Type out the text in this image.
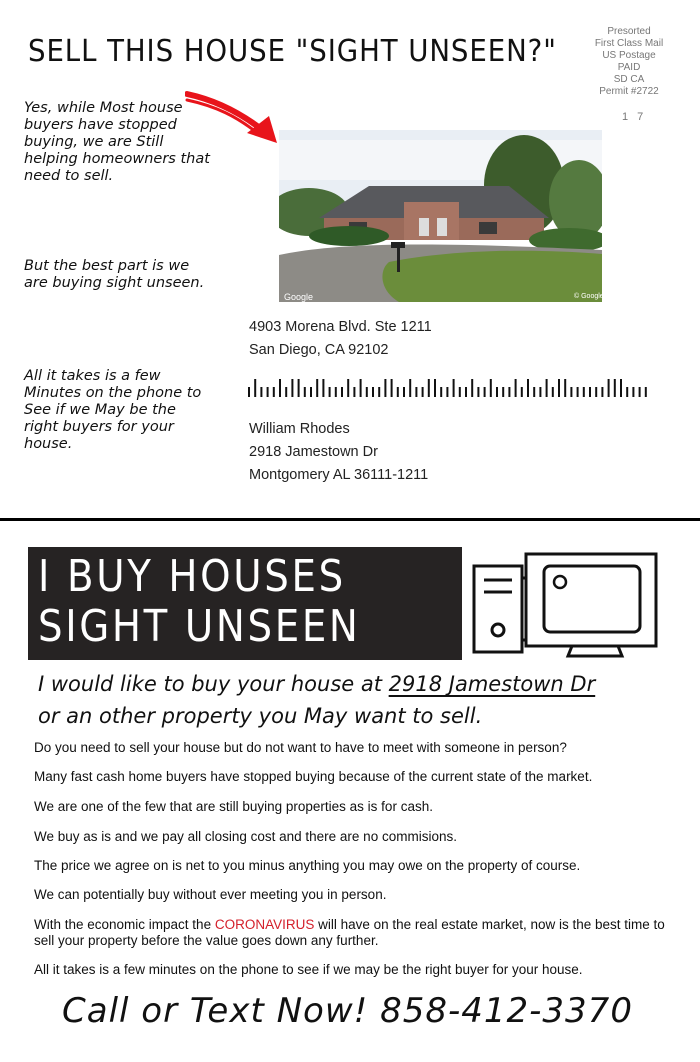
SELL THIS HOUSE "SIGHT UNSEEN?"
Presorted
First Class Mail
US Postage
PAID
SD CA
Permit #2722
1 7
Yes, while Most house buyers have stopped buying, we are Still helping homeowners that need to sell.
But the best part is we are buying sight unseen.
All it takes is a few Minutes on the phone to See if we May be the right buyers for your house.
Google	© Google
4903 Morena Blvd. Ste 1211
San Diego, CA 92102
William Rhodes
2918 Jamestown Dr
Montgomery AL 36111-1211
I BUY HOUSES
SIGHT UNSEEN
I would like to buy your house at 2918 Jamestown Dr
or an other property you May want to sell.
Do you need to sell your house but do not want to have to meet with someone in person?
Many fast cash home buyers have stopped buying because of the current state of the market.
We are one of the few that are still buying properties as is for cash.
We buy as is and we pay all closing cost and there are no commisions.
The price we agree on is net to you minus anything you may owe on the property of course.
We can potentially buy without ever meeting you in person.
With the economic impact the CORONAVIRUS will have on the real estate market, now is the best time to sell your property before the value goes down any further.
All it takes is a few minutes on the phone to see if we may be the right buyer for your house.
Call or Text Now! 858-412-3370
